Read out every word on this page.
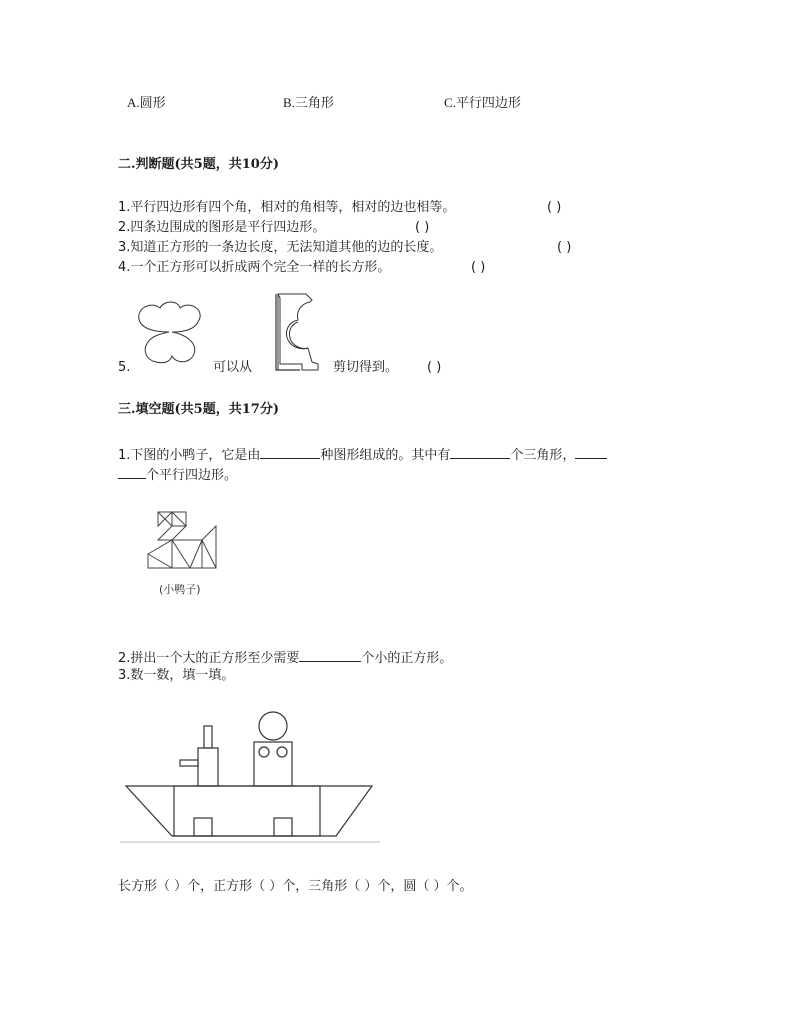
A.圆形	B.三角形	C.平行四边形
二.判断题(共5题，共10分)
1.平行四边形有四个角，相对的角相等，相对的边也相等。	( )
2.四条边围成的图形是平行四边形。	( )
3.知道正方形的一条边长度，无法知道其他的边的长度。	( )
4.一个正方形可以折成两个完全一样的长方形。	( )
5.	可以从	剪切得到。 ( )
三.填空题(共5题，共17分)
1.下图的小鸭子，它是由	种图形组成的。其中有	个三角形，
个平行四边形。
(小鸭子)
2.拼出一个大的正方形至少需要	个小的正方形。
3.数一数，填一填。
长方形（ ）个，正方形（ ）个，三角形（ ）个，圆（ ）个。
